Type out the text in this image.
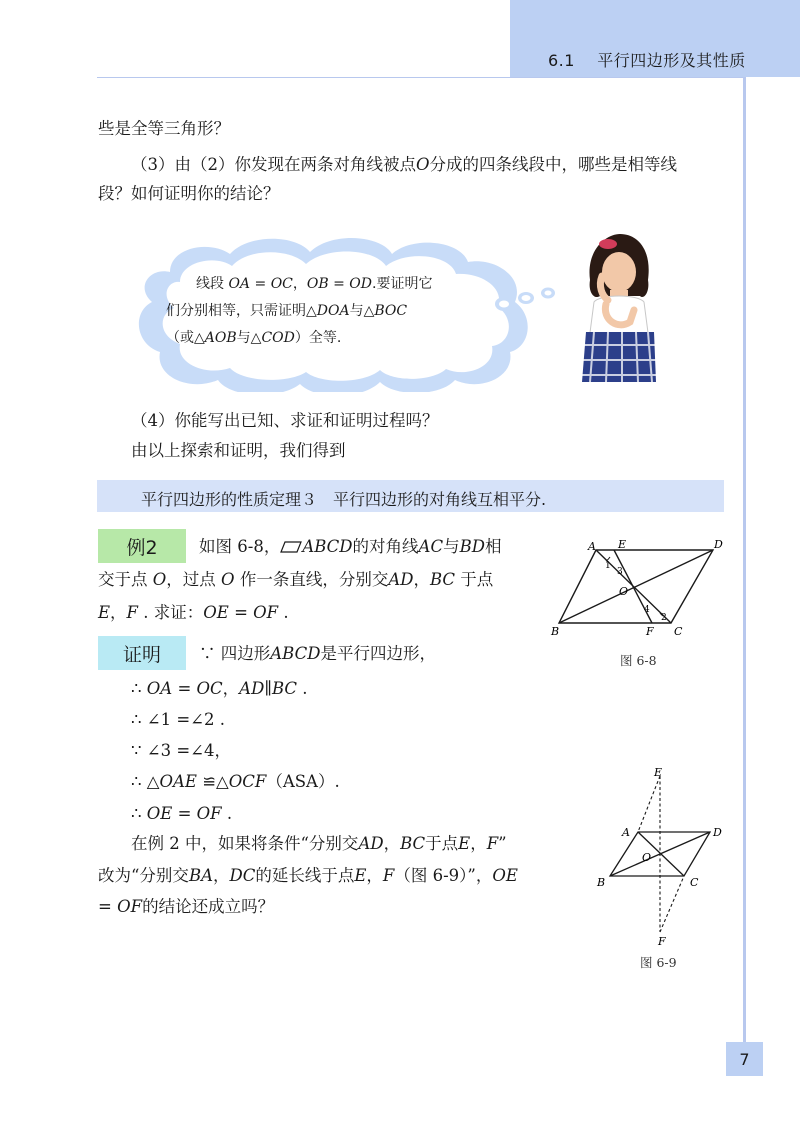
6.1 平行四边形及其性质
些是全等三角形？
（3）由（2）你发现在两条对角线被点O分成的四条线段中，哪些是相等线
段？如何证明你的结论？
线段 OA = OC，OB = OD.要证明它
们分别相等，只需证明△DOA与△BOC
（或△AOB与△COD）全等.
（4）你能写出已知、求证和证明过程吗？
由以上探索和证明，我们得到
平行四边形的性质定理３　平行四边形的对角线互相平分.
例2	如图 6-8， ABCD的对角线AC与BD相
交于点 O，过点 O 作一条直线，分别交AD，BC 于点
E，F . 求证：OE = OF .
A E	D
O
B	F C
1
2
3
4
图 6-8
证明	∵ 四边形ABCD是平行四边形，
∴ OA = OC，AD∥BC .
∴ ∠1 =∠2 .
∵ ∠3 =∠4，
∴ △OAE ≌△OCF（ASA）.
∴ OE = OF .
在例 2 中，如果将条件“分别交AD，BC于点E，F”
改为“分别交BA，DC的延长线于点E，F（图 6-9）”，OE
= OF的结论还成立吗？
E
A	D
O
B	C
F
图 6-9
7
